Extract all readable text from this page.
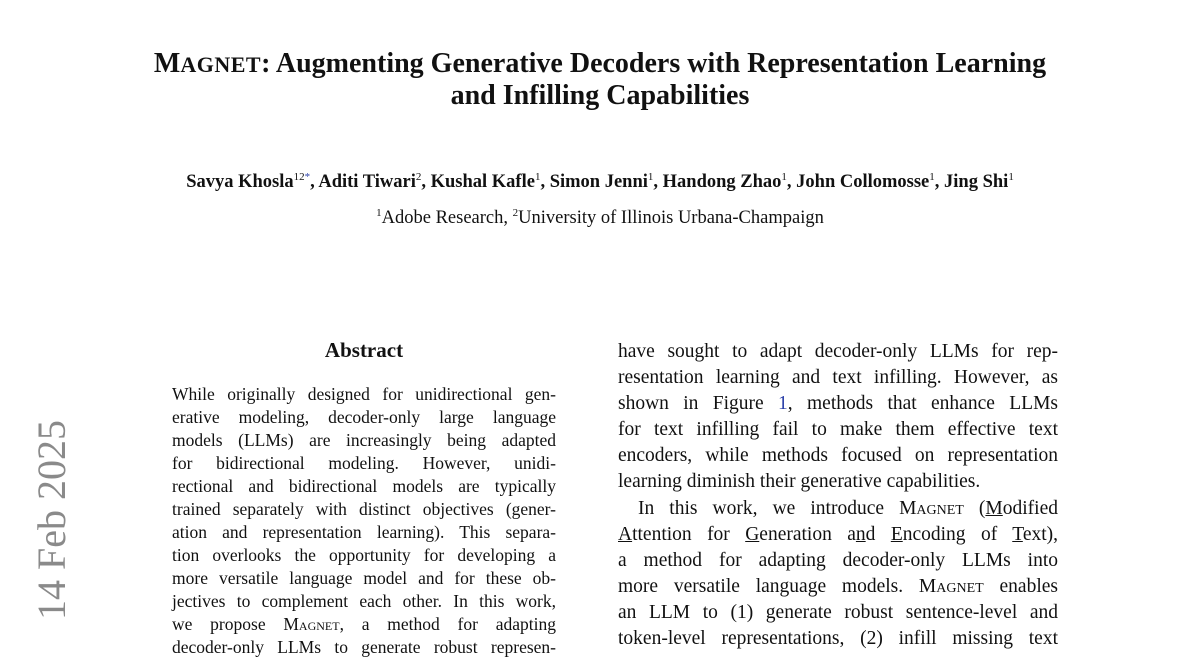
MAGNET: Augmenting Generative Decoders with Representation Learning
and Infilling Capabilities
Savya Khosla$^{12*}$, Aditi Tiwari$^2$, Kushal Kafle$^1$, Simon Jenni$^1$, Handong Zhao$^1$, John Collomosse$^1$, Jing Shi$^1$
$^1$Adobe Research, $^2$University of Illinois Urbana-Champaign
14 Feb 2025
Abstract
While originally designed for unidirectional gen-
erative modeling, decoder-only large language
models (LLMs) are increasingly being adapted
for bidirectional modeling. However, unidi-
rectional and bidirectional models are typically
trained separately with distinct objectives (gener-
ation and representation learning). This separa-
tion overlooks the opportunity for developing a
more versatile language model and for these ob-
jectives to complement each other. In this work,
we propose Magnet, a method for adapting
decoder-only LLMs to generate robust represen-
have sought to adapt decoder-only LLMs for rep-
resentation learning and text infilling. However, as
shown in Figure 1, methods that enhance LLMs
for text infilling fail to make them effective text
encoders, while methods focused on representation
learning diminish their generative capabilities.
In this work, we introduce Magnet (Modified
Attention for Generation and Encoding of Text),
a method for adapting decoder-only LLMs into
more versatile language models. Magnet enables
an LLM to (1) generate robust sentence-level and
token-level representations, (2) infill missing text
